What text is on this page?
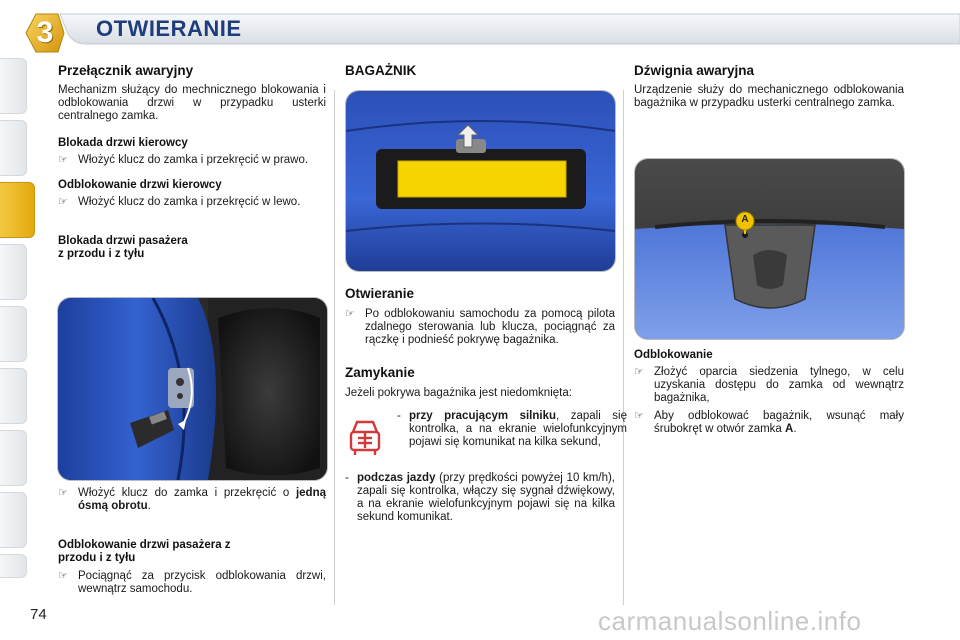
3	OTWIERANIE
Przełącznik awaryjny

Mechanizm służący do mechnicznego blokowania i odblokowania drzwi w przypadku usterki centralnego zamka.

Blokada drzwi kierowcy
☞ Włożyć klucz do zamka i przekręcić w prawo.
Odblokowanie drzwi kierowcy
☞ Włożyć klucz do zamka i przekręcić w lewo.
Blokada drzwi pasażera
z przodu i z tyłu
☞ Włożyć klucz do zamka i przekręcić o jedną ósmą obrotu.
Odblokowanie drzwi pasażera z
przodu i z tyłu
☞ Pociągnąć za przycisk odblokowania drzwi, wewnątrz samochodu.
BAGAŻNIK
Otwieranie
☞ Po odblokowaniu samochodu za pomocą pilota zdalnego sterowania lub klucza, pociągnąć za rączkę i podnieść pokrywę bagażnika.
Zamykanie

Jeżeli pokrywa bagażnika jest niedomknięta:

- przy pracującym silniku, zapali się kontrolka, a na ekranie wielofunkcyjnym pojawi się komunikat na kilka sekund,
- podczas jazdy (przy prędkości powyżej 10 km/h), zapali się kontrolka, włączy się sygnał dźwiękowy, a na ekranie wielofunkcyjnym pojawi się na kilka sekund komunikat.
Dźwignia awaryjna

Urządzenie służy do mechanicznego odblokowania bagażnika w przypadku usterki centralnego zamka.

A
Odblokowanie
☞ Złożyć oparcia siedzenia tylnego, w celu uzyskania dostępu do zamka od wewnątrz bagażnika,
☞ Aby odblokować bagażnik, wsunąć mały śrubokręt w otwór zamka A.
74	carmanualsonline.info
